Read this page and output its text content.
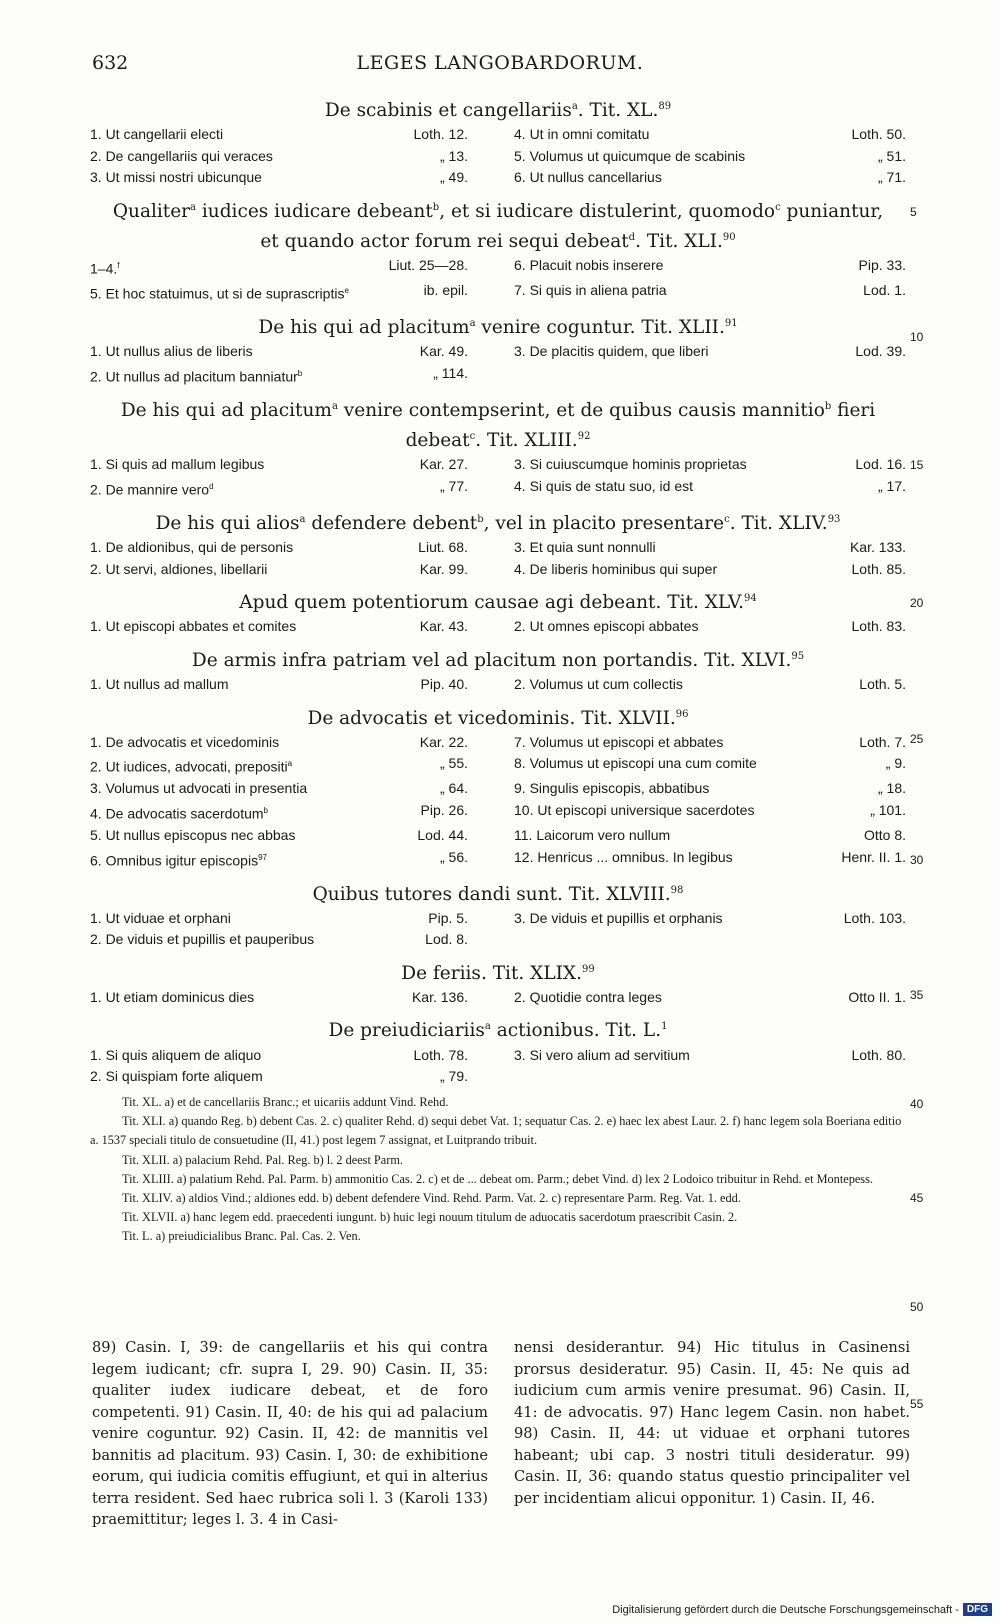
632	LEGES LANGOBARDORUM.
De scabinis et cangellariis$^a$. Tit. XL.$^{89}$
1. Ut cangellarii electi	Loth. 12.	4. Ut in omni comitatu	Loth. 50.
2. De cangellariis qui veraces	„ 13.	5. Volumus ut quicumque de scabinis	„ 51.
3. Ut missi nostri ubicunque	„ 49.	6. Ut nullus cancellarius	„ 71.
Qualiter$^a$ iudices iudicare debeant$^b$, et si iudicare distulerint, quomodo$^c$ puniantur, et quando actor forum rei sequi debeat$^d$. Tit. XLI.$^{90}$
1–4.$^f$	Liut. 25—28.	6. Placuit nobis inserere	Pip. 33.
5. Et hoc statuimus, ut si de suprascriptis$^e$	ib. epil.	7. Si quis in aliena patria	Lod. 1.
De his qui ad placitum$^a$ venire coguntur. Tit. XLII.$^{91}$
1. Ut nullus alius de liberis	Kar. 49.	3. De placitis quidem, que liberi	Lod. 39.
2. Ut nullus ad placitum banniatur$^b$	„ 114.
De his qui ad placitum$^a$ venire contempserint, et de quibus causis mannitio$^b$ fieri debeat$^c$. Tit. XLIII.$^{92}$
1. Si quis ad mallum legibus	Kar. 27.	3. Si cuiuscumque hominis proprietas	Lod. 16.
2. De mannire vero$^d$	„ 77.	4. Si quis de statu suo, id est	„ 17.
De his qui alios$^a$ defendere debent$^b$, vel in placito presentare$^c$. Tit. XLIV.$^{93}$
1. De aldionibus, qui de personis	Liut. 68.	3. Et quia sunt nonnulli	Kar. 133.
2. Ut servi, aldiones, libellarii	Kar. 99.	4. De liberis hominibus qui super	Loth. 85.
Apud quem potentiorum causae agi debeant. Tit. XLV.$^{94}$
1. Ut episcopi abbates et comites	Kar. 43.	2. Ut omnes episcopi abbates	Loth. 83.
De armis infra patriam vel ad placitum non portandis. Tit. XLVI.$^{95}$
1. Ut nullus ad mallum	Pip. 40.	2. Volumus ut cum collectis	Loth. 5.
De advocatis et vicedominis. Tit. XLVII.$^{96}$
1. De advocatis et vicedominis	Kar. 22.	7. Volumus ut episcopi et abbates	Loth. 7.
2. Ut iudices, advocati, prepositi$^a$	„ 55.	8. Volumus ut episcopi una cum comite	„ 9.
3. Volumus ut advocati in presentia	„ 64.	9. Singulis episcopis, abbatibus	„ 18.
4. De advocatis sacerdotum$^b$	Pip. 26.	10. Ut episcopi universique sacerdotes	„ 101.
5. Ut nullus episcopus nec abbas	Lod. 44.	11. Laicorum vero nullum	Otto 8.
6. Omnibus igitur episcopis$^{97}$	„ 56.	12. Henricus ... omnibus. In legibus	Henr. II. 1.
Quibus tutores dandi sunt. Tit. XLVIII.$^{98}$
1. Ut viduae et orphani	Pip. 5.	3. De viduis et pupillis et orphanis	Loth. 103.
2. De viduis et pupillis et pauperibus	Lod. 8.
De feriis. Tit. XLIX.$^{99}$
1. Ut etiam dominicus dies	Kar. 136.	2. Quotidie contra leges	Otto II. 1.
De preiudiciariis$^a$ actionibus. Tit. L.$^1$
1. Si quis aliquem de aliquo	Loth. 78.	3. Si vero alium ad servitium	Loth. 80.
2. Si quispiam forte aliquem	„ 79.

Tit. XL. a) et de cancellariis Branc.; et uicariis addunt Vind. Rehd.

Tit. XLI. a) quando Reg. b) debent Cas. 2. c) qualiter Rehd. d) sequi debet Vat. 1; sequatur Cas. 2. e) haec lex abest Laur. 2. f) hanc legem sola Boeriana editio a. 1537 speciali titulo de consuetudine (II, 41.) post legem 7 assignat, et Luitprando tribuit.

Tit. XLII. a) palacium Rehd. Pal. Reg. b) l. 2 deest Parm.

Tit. XLIII. a) palatium Rehd. Pal. Parm. b) ammonitio Cas. 2. c) et de ... debeat om. Parm.; debet Vind. d) lex 2 Lodoico tribuitur in Rehd. et Montepess.

Tit. XLIV. a) aldios Vind.; aldiones edd. b) debent defendere Vind. Rehd. Parm. Vat. 2. c) representare Parm. Reg. Vat. 1. edd.

Tit. XLVII. a) hanc legem edd. praecedenti iungunt. b) huic legi nouum titulum de aduocatis sacerdotum praescribit Casin. 2.

Tit. L. a) preiudicialibus Branc. Pal. Cas. 2. Ven.

89) Casin. I, 39: de cangellariis et his qui contra legem iudicant; cfr. supra I, 29. 90) Casin. II, 35: qualiter iudex iudicare debeat, et de foro competenti. 91) Casin. II, 40: de his qui ad palacium venire coguntur. 92) Casin. II, 42: de mannitis vel bannitis ad placitum. 93) Casin. I, 30: de exhibitione eorum, qui iudicia comitis effugiunt, et qui in alterius terra resident. Sed haec rubrica soli l. 3 (Karoli 133) praemittitur; leges l. 3. 4 in Casi-
nensi desiderantur. 94) Hic titulus in Casinensi prorsus desideratur. 95) Casin. II, 45: Ne quis ad iudicium cum armis venire presumat. 96) Casin. II, 41: de advocatis. 97) Hanc legem Casin. non habet. 98) Casin. II, 44: ut viduae et orphani tutores habeant; ubi cap. 3 nostri tituli desideratur. 99) Casin. II, 36: quando status questio principaliter vel per incidentiam alicui opponitur. 1) Casin. II, 46.
5
10
15
20
25
30
35
40
45
50
55
Digitalisierung gefördert durch die Deutsche Forschungsgemeinschaft - DFG
